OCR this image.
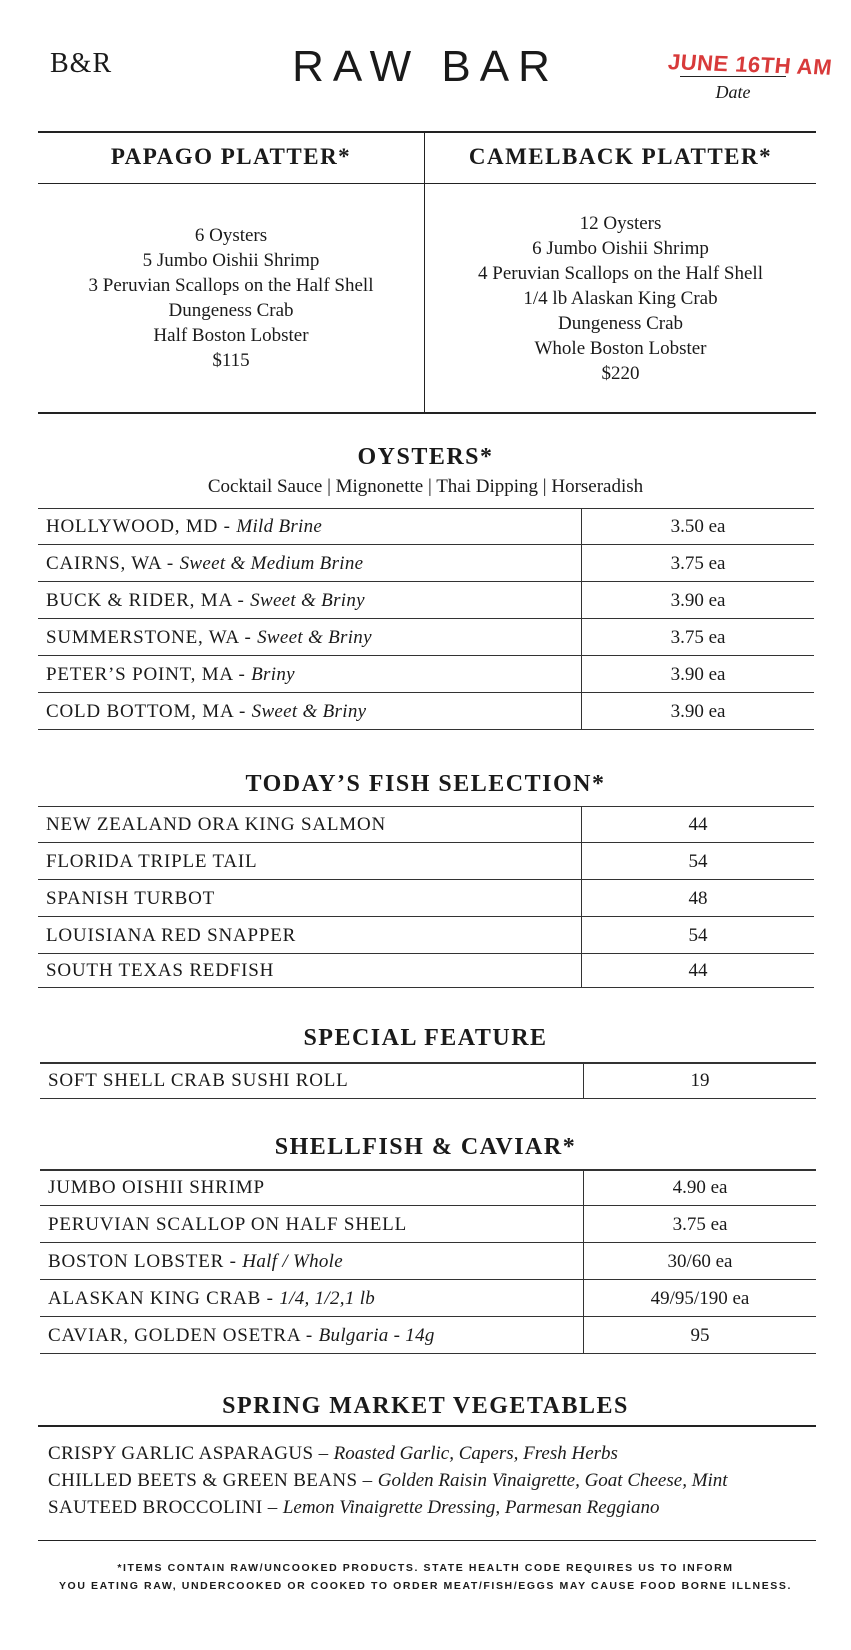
B&R	RAW BAR	JUNE 16TH AM
Date
PAPAGO PLATTER*	CAMELBACK PLATTER*
6 Oysters
5 Jumbo Oishii Shrimp
3 Peruvian Scallops on the Half Shell
Dungeness Crab
Half Boston Lobster
$115
12 Oysters
6 Jumbo Oishii Shrimp
4 Peruvian Scallops on the Half Shell
1/4 lb Alaskan King Crab
Dungeness Crab
Whole Boston Lobster
$220
OYSTERS*
Cocktail Sauce | Mignonette | Thai Dipping | Horseradish
HOLLYWOOD, MD - Mild Brine	3.50 ea
CAIRNS, WA - Sweet & Medium Brine	3.75 ea
BUCK & RIDER, MA - Sweet & Briny	3.90 ea
SUMMERSTONE, WA - Sweet & Briny	3.75 ea
PETER’S POINT, MA - Briny	3.90 ea
COLD BOTTOM, MA - Sweet & Briny	3.90 ea
TODAY’S FISH SELECTION*
NEW ZEALAND ORA KING SALMON	44
FLORIDA TRIPLE TAIL	54
SPANISH TURBOT	48
LOUISIANA RED SNAPPER	54
SOUTH TEXAS REDFISH	44
SPECIAL FEATURE
SOFT SHELL CRAB SUSHI ROLL	19
SHELLFISH & CAVIAR*
JUMBO OISHII SHRIMP	4.90 ea
PERUVIAN SCALLOP ON HALF SHELL	3.75 ea
BOSTON LOBSTER - Half / Whole	30/60 ea
ALASKAN KING CRAB - 1/4, 1/2,1 lb	49/95/190 ea
CAVIAR, GOLDEN OSETRA - Bulgaria - 14g	95
SPRING MARKET VEGETABLES
CRISPY GARLIC ASPARAGUS – Roasted Garlic, Capers, Fresh Herbs
CHILLED BEETS & GREEN BEANS – Golden Raisin Vinaigrette, Goat Cheese, Mint
SAUTEED BROCCOLINI – Lemon Vinaigrette Dressing, Parmesan Reggiano
*ITEMS CONTAIN RAW/UNCOOKED PRODUCTS. STATE HEALTH CODE REQUIRES US TO INFORM
YOU EATING RAW, UNDERCOOKED OR COOKED TO ORDER MEAT/FISH/EGGS MAY CAUSE FOOD BORNE ILLNESS.
